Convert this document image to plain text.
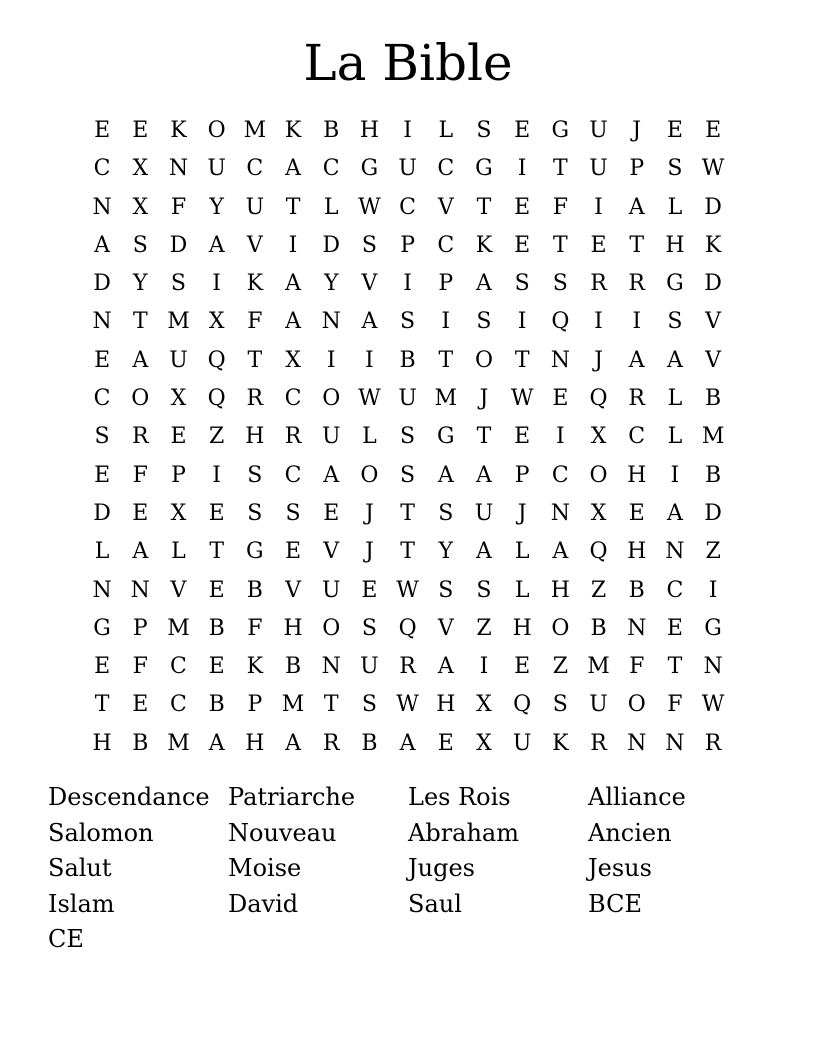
La Bible
E	E K O M K B H	I	L	S	E G U	J	E	E
C X N U C A C G U C G	I	T U P	S W
N X	F	Y U T	L W C V	T	E	F	I	A	L	D
A	S D A	V	I	D S	P	C K E	T	E	T H K
D	Y	S	I	K	A	Y	V	I	P	A	S	S	R R G D
N T M X	F	A N A	S	I	S	I	Q	I	I	S	V
E	A U Q T	X	I	I	B	T O T N	J	A	A	V
C O X Q R C O W U M	J	W E Q R	L	B
S	R E	Z H R U L	S G	T	E	I	X C	L M
E	F	P	I	S	C A O S	A	A	P	C O H	I	B
D E	X	E	S	S	E	J	T	S U	J	N X	E	A D
L	A	L	T	G E	V	J	T	Y	A	L	A Q H N Z
N N V	E	B	V U E W S	S	L H Z	B C	I
G	P M B	F H O S Q V	Z H O B N E G
E	F	C E K B N U R A	I	E	Z M F	T N
T	E C B	P M T	S W H X Q S U O F W
H B M A H A R B	A	E	X U K R N N R
Descendance Patriarche	Les Rois	Alliance
Salomon	Nouveau	Abraham	Ancien
Salut	Moise	Juges	Jesus
Islam	David	Saul	BCE
CE
